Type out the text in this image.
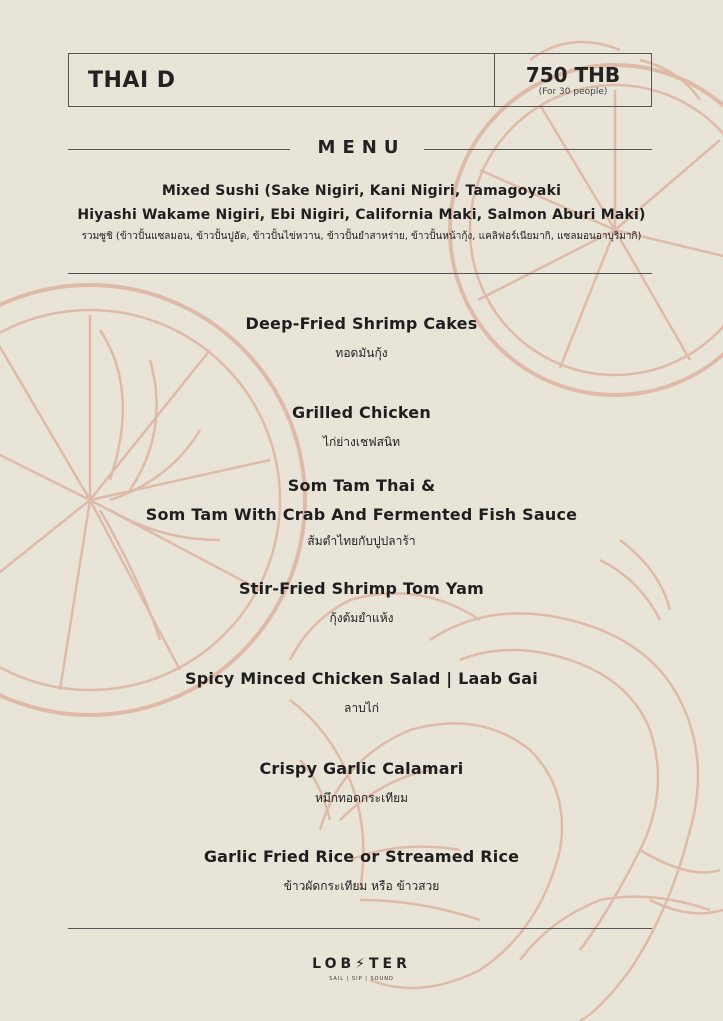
THAI D	750 THB
(For 30 people)
MENU
Mixed Sushi (Sake Nigiri, Kani Nigiri, Tamagoyaki
Hiyashi Wakame Nigiri, Ebi Nigiri, California Maki, Salmon Aburi Maki)
รวมซูชิ (ข้าวปั้นแซลมอน, ข้าวปั้นปูอัด, ข้าวปั้นไข่หวาน, ข้าวปั้นยำสาหร่าย, ข้าวปั้นหน้ากุ้ง, แคลิฟอร์เนียมากิ, แซลมอนอาบุริมากิ)
Deep-Fried Shrimp Cakes
ทอดมันกุ้ง
Grilled Chicken
ไก่ย่างเชฟสนิท
Som Tam Thai &
Som Tam With Crab And Fermented Fish Sauce
ส้มตำไทยกับปูปลาร้า
Stir-Fried Shrimp Tom Yam
กุ้งต้มยำแห้ง
Spicy Minced Chicken Salad | Laab Gai
ลาบไก่
Crispy Garlic Calamari
หมึกทอดกระเทียม
Garlic Fried Rice or Streamed Rice
ข้าวผัดกระเทียม หรือ ข้าวสวย
LOB⚡TER
SAIL | SIP | SOUND
